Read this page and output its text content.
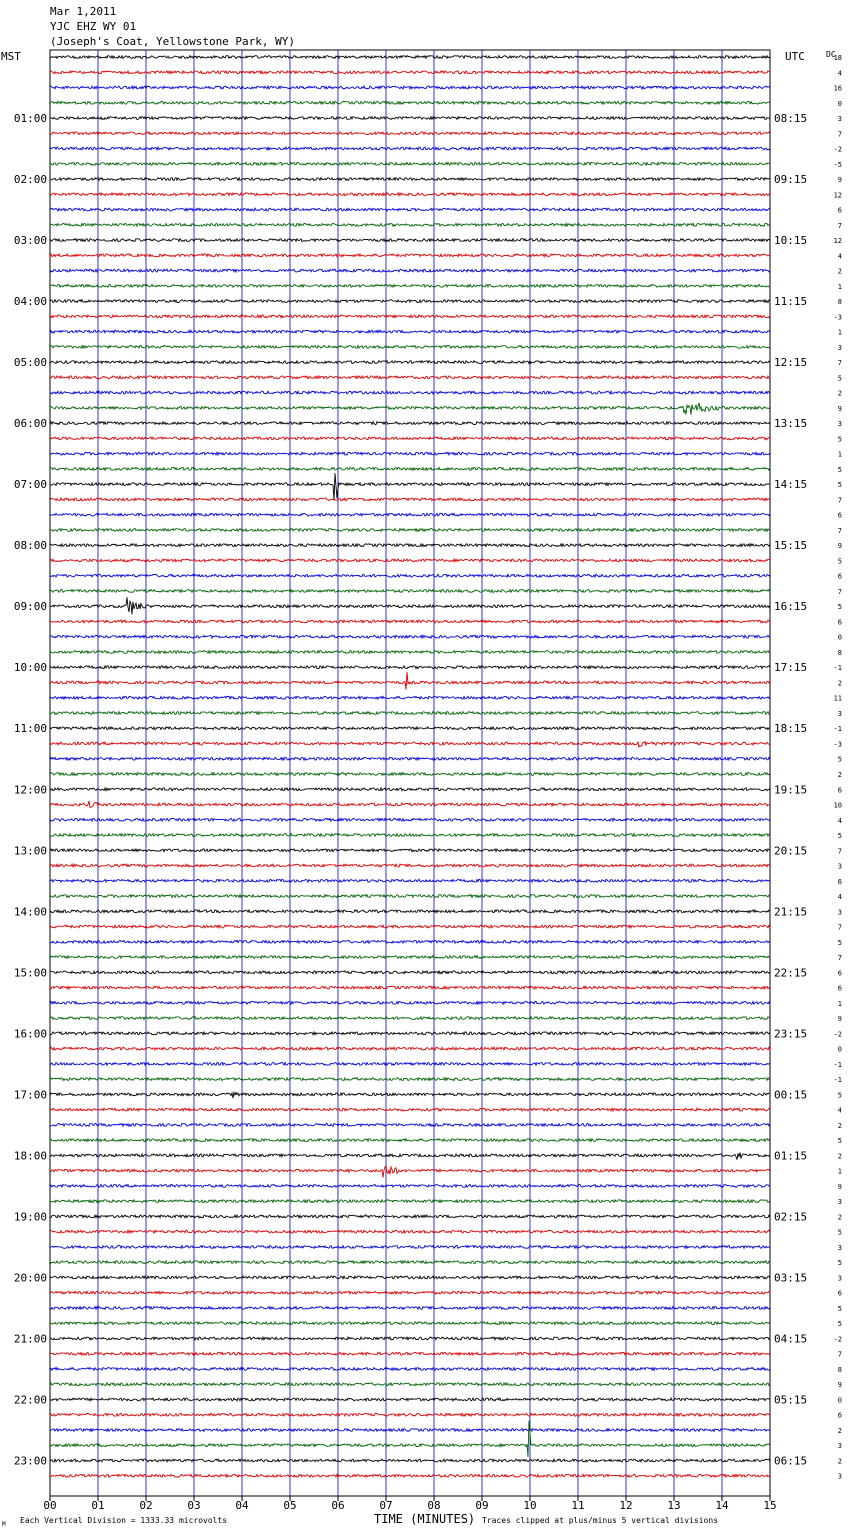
Mar 1,2011
YJC EHZ WY 01
(Joseph's Coat, Yellowstone Park, WY)
MST	UTC	DC
18
4
16
0
3
7
-2
-5
9
12
6
7
12
4
2
1
8
-3
1
3
7
5
2
9
3
5
1
5
5
7
6
7
9
5
6
7
5
6
0
8
-1
2
11
3
-1
-3
5
2
6
10
4
5
7
3
6
4
3
7
5
7
6
6
1
9
-2
0
-1
-1
5
4
2
5
2
1
9
3
2
5
3
5
3
6
5
5
-2
7
8
9
0
6
2
3
2
3
01:00	08:15
02:00	09:15
03:00	10:15
04:00	11:15
05:00	12:15
06:00	13:15
07:00	14:15
08:00	15:15
09:00	16:15
10:00	17:15
11:00	18:15
12:00	19:15
13:00	20:15
14:00	21:15
15:00	22:15
16:00	23:15
17:00	00:15
18:00	01:15
19:00	02:15
20:00	03:15
21:00	04:15
22:00	05:15
23:00	06:15
00	01	02	03	04	05	06	07	08	09	10	11	12	13	14	15
TIME (MINUTES)
Each Vertical Division = 1333.33 microvolts	Traces clipped at plus/minus 5 vertical divisions
M
